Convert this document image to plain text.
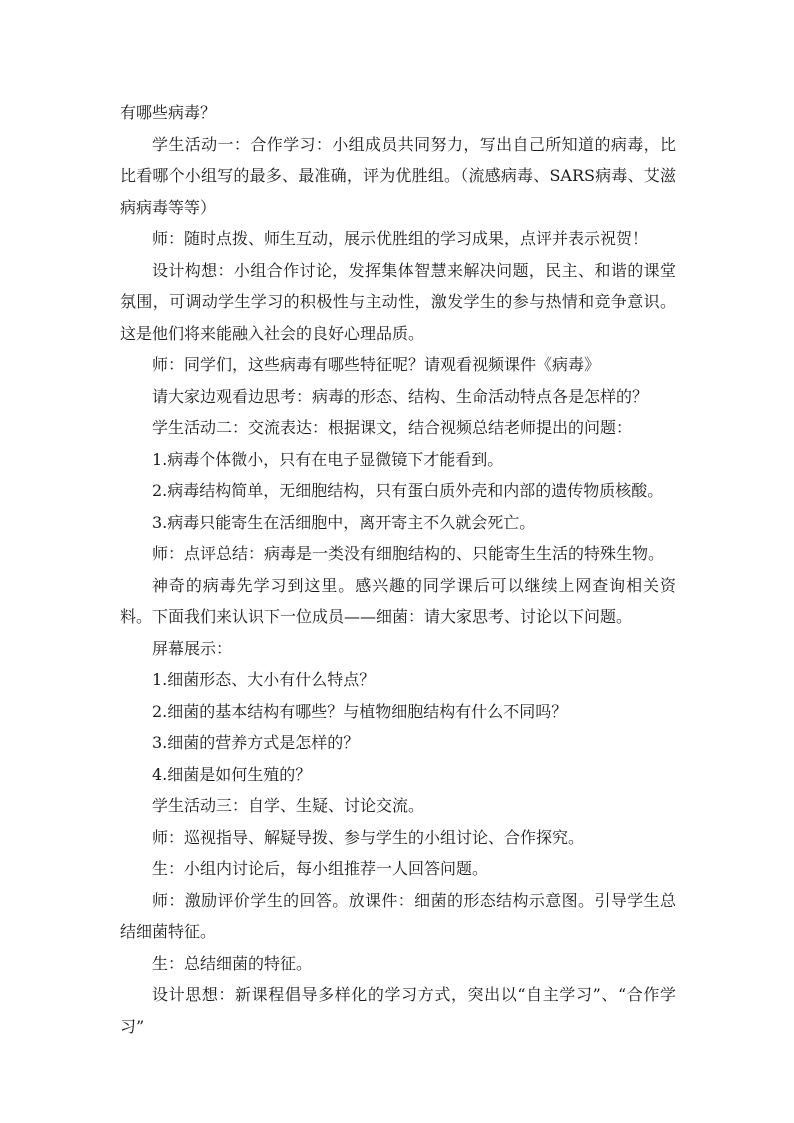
有哪些病毒？

学生活动一：合作学习：小组成员共同努力，写出自己所知道的病毒，比比看哪个小组写的最多、最准确，评为优胜组。（流感病毒、SARS病毒、艾滋病病毒等等）

师：随时点拨、师生互动，展示优胜组的学习成果，点评并表示祝贺！

设计构想：小组合作讨论，发挥集体智慧来解决问题，民主、和谐的课堂氛围，可调动学生学习的积极性与主动性，激发学生的参与热情和竞争意识。这是他们将来能融入社会的良好心理品质。

师：同学们，这些病毒有哪些特征呢？请观看视频课件《病毒》

请大家边观看边思考：病毒的形态、结构、生命活动特点各是怎样的？

学生活动二：交流表达：根据课文，结合视频总结老师提出的问题：

1.病毒个体微小，只有在电子显微镜下才能看到。

2.病毒结构简单，无细胞结构，只有蛋白质外壳和内部的遗传物质核酸。

3.病毒只能寄生在活细胞中，离开寄主不久就会死亡。

师：点评总结：病毒是一类没有细胞结构的、只能寄生生活的特殊生物。

神奇的病毒先学习到这里。感兴趣的同学课后可以继续上网查询相关资料。下面我们来认识下一位成员——细菌：请大家思考、讨论以下问题。

屏幕展示：

1.细菌形态、大小有什么特点？

2.细菌的基本结构有哪些？与植物细胞结构有什么不同吗？

3.细菌的营养方式是怎样的？

4.细菌是如何生殖的？

学生活动三：自学、生疑、讨论交流。

师：巡视指导、解疑导拨、参与学生的小组讨论、合作探究。

生：小组内讨论后，每小组推荐一人回答问题。

师：激励评价学生的回答。放课件：细菌的形态结构示意图。引导学生总结细菌特征。

生：总结细菌的特征。

设计思想：新课程倡导多样化的学习方式，突出以“自主学习”、“合作学习”
